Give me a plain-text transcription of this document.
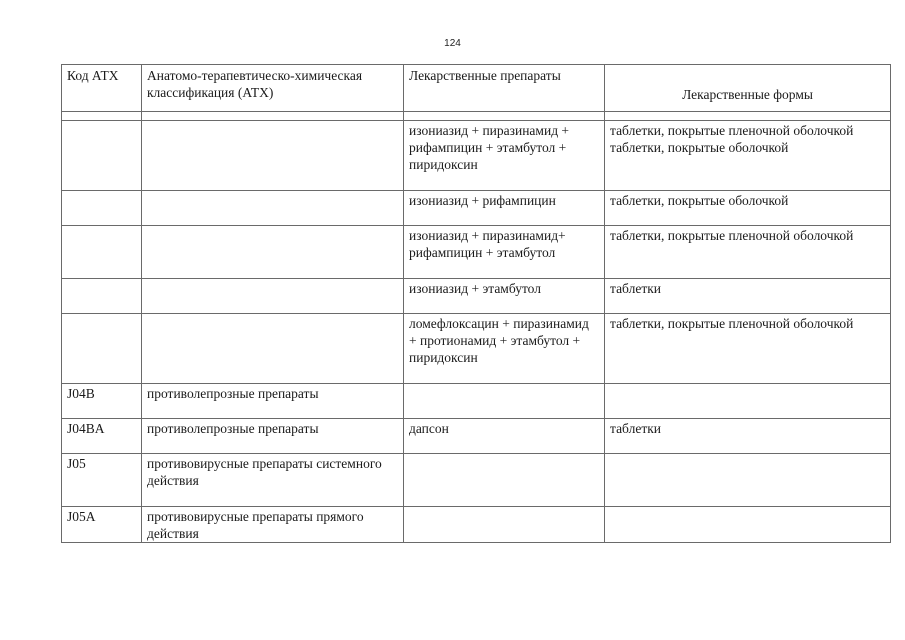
124
Код АТХ	Анатомо-терапевтическо-химическая классификация (АТХ)	Лекарственные препараты	Лекарственные формы

		изониазид + пиразинамид + рифампицин + этамбутол + пиридоксин	таблетки, покрытые пленочной оболочкой
таблетки, покрытые оболочкой

		изониазид + рифампицин	таблетки, покрытые оболочкой

		изониазид + пиразинамид+ рифампицин + этамбутол	таблетки, покрытые пленочной оболочкой

		изониазид + этамбутол	таблетки

		ломефлоксацин + пиразинамид + протионамид + этамбутол + пиридоксин	таблетки, покрытые пленочной оболочкой

J04B	противолепрозные препараты		

J04BA	противолепрозные препараты	дапсон	таблетки

J05	противовирусные препараты системного действия		

J05A	противовирусные препараты прямого действия		
